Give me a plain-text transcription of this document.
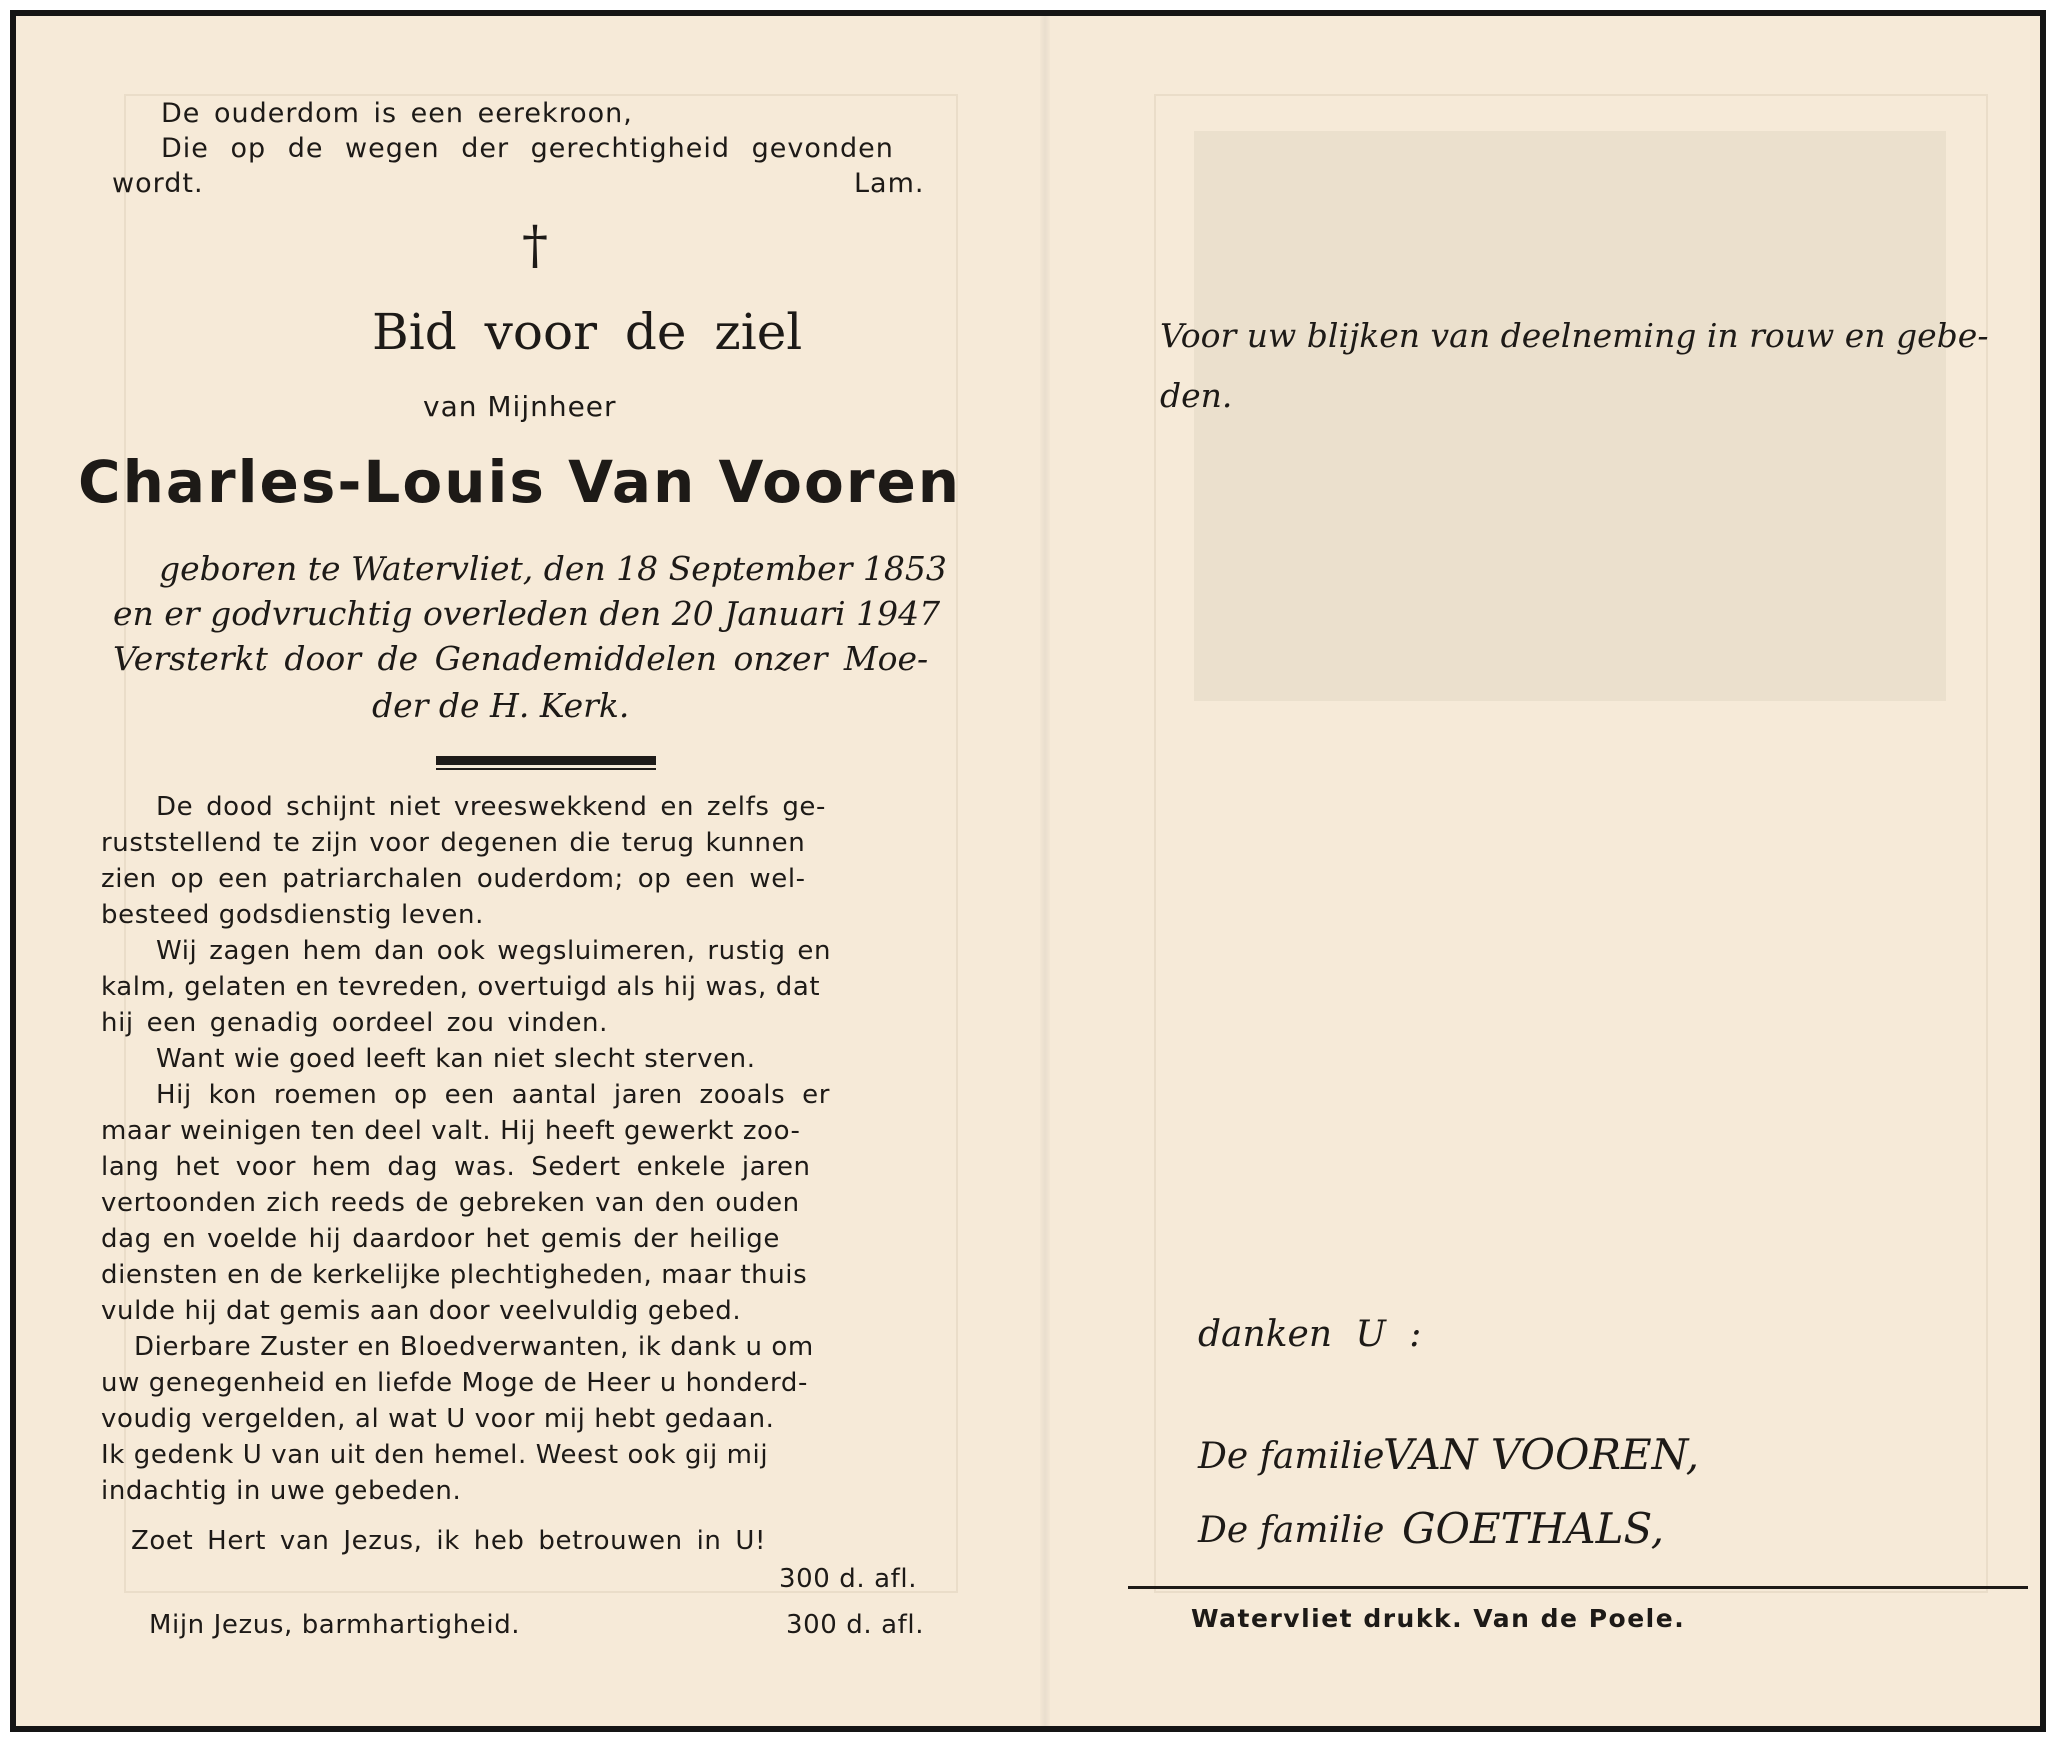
De ouderdom is een eerekroon,
Die op de wegen der gerechtigheid gevonden
wordt.	Lam.
†
Bid voor de ziel
van Mijnheer
Charles-Louis Van Vooren
geboren te Watervliet, den 18 September 1853
en er godvruchtig overleden den 20 Januari 1947
Versterkt door de Genademiddelen onzer Moe-
der de H. Kerk.
De dood schijnt niet vreeswekkend en zelfs ge-
ruststellend te zijn voor degenen die terug kunnen
zien op een patriarchalen ouderdom; op een wel-
besteed godsdienstig leven.
Wij zagen hem dan ook wegsluimeren, rustig en
kalm, gelaten en tevreden, overtuigd als hij was, dat
hij een genadig oordeel zou vinden.
Want wie goed leeft kan niet slecht sterven.
Hij kon roemen op een aantal jaren zooals er
maar weinigen ten deel valt. Hij heeft gewerkt zoo-
lang het voor hem dag was. Sedert enkele jaren
vertoonden zich reeds de gebreken van den ouden
dag en voelde hij daardoor het gemis der heilige
diensten en de kerkelijke plechtigheden, maar thuis
vulde hij dat gemis aan door veelvuldig gebed.
Dierbare Zuster en Bloedverwanten, ik dank u om
uw genegenheid en liefde Moge de Heer u honderd-
voudig vergelden, al wat U voor mij hebt gedaan.
Ik gedenk U van uit den hemel. Weest ook gij mij
indachtig in uwe gebeden.
Zoet Hert van Jezus, ik heb betrouwen in U!
300 d. afl.
Mijn Jezus, barmhartigheid.	300 d. afl.
Voor uw blijken van deelneming in rouw en gebe-
den.
danken U :
De familie
VAN VOOREN,
De familie GOETHALS,
Watervliet drukk. Van de Poele.
